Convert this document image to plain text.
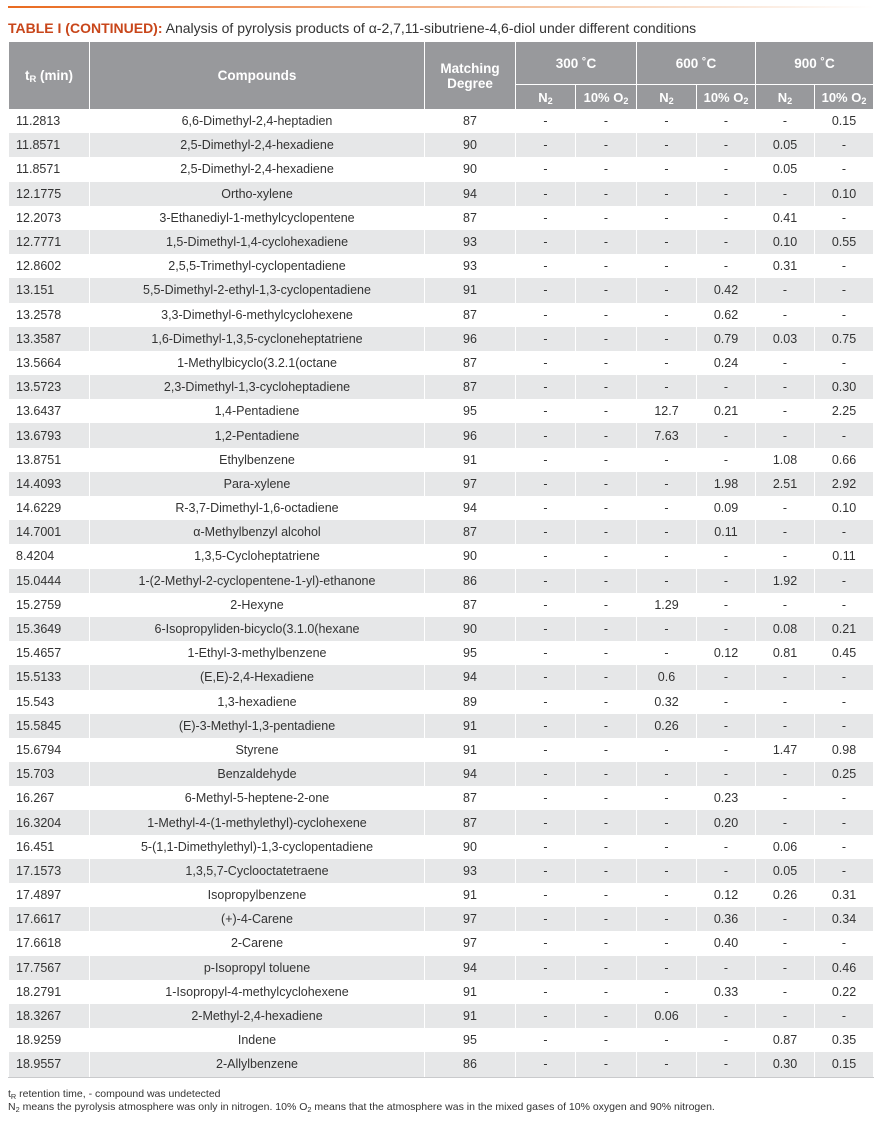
TABLE I (CONTINUED): Analysis of pyrolysis products of α-2,7,11-sibutriene-4,6-diol under different conditions
$t_R$ (min)	Compounds	Matching
Degree	300 ˚C		600 ˚C		900 ˚C	
			$N_2$	10% $O_2$	$N_2$	10% $O_2$	$N_2$	10% $O_2$
11.2813	6,6-Dimethyl-2,4-heptadien	87	-	-	-	-	-	0.15
11.8571	2,5-Dimethyl-2,4-hexadiene	90	-	-	-	-	0.05	-
11.8571	2,5-Dimethyl-2,4-hexadiene	90	-	-	-	-	0.05	-
12.1775	Ortho-xylene	94	-	-	-	-	-	0.10
12.2073	3-Ethanediyl-1-methylcyclopentene	87	-	-	-	-	0.41	-
12.7771	1,5-Dimethyl-1,4-cyclohexadiene	93	-	-	-	-	0.10	0.55
12.8602	2,5,5-Trimethyl-cyclopentadiene	93	-	-	-	-	0.31	-
13.151	5,5-Dimethyl-2-ethyl-1,3-cyclopentadiene	91	-	-	-	0.42	-	-
13.2578	3,3-Dimethyl-6-methylcyclohexene	87	-	-	-	0.62	-	-
13.3587	1,6-Dimethyl-1,3,5-cycloneheptatriene	96	-	-	-	0.79	0.03	0.75
13.5664	1-Methylbicyclo(3.2.1(octane	87	-	-	-	0.24	-	-
13.5723	2,3-Dimethyl-1,3-cycloheptadiene	87	-	-	-	-	-	0.30
13.6437	1,4-Pentadiene	95	-	-	12.7	0.21	-	2.25
13.6793	1,2-Pentadiene	96	-	-	7.63	-	-	-
13.8751	Ethylbenzene	91	-	-	-	-	1.08	0.66
14.4093	Para-xylene	97	-	-	-	1.98	2.51	2.92
14.6229	R-3,7-Dimethyl-1,6-octadiene	94	-	-	-	0.09	-	0.10
14.7001	α-Methylbenzyl alcohol	87	-	-	-	0.11	-	-
8.4204	1,3,5-Cycloheptatriene	90	-	-	-	-	-	0.11
15.0444	1-(2-Methyl-2-cyclopentene-1-yl)-ethanone	86	-	-	-	-	1.92	-
15.2759	2-Hexyne	87	-	-	1.29	-	-	-
15.3649	6-Isopropyliden-bicyclo(3.1.0(hexane	90	-	-	-	-	0.08	0.21
15.4657	1-Ethyl-3-methylbenzene	95	-	-	-	0.12	0.81	0.45
15.5133	(E,E)-2,4-Hexadiene	94	-	-	0.6	-	-	-
15.543	1,3-hexadiene	89	-	-	0.32	-	-	-
15.5845	(E)-3-Methyl-1,3-pentadiene	91	-	-	0.26	-	-	-
15.6794	Styrene	91	-	-	-	-	1.47	0.98
15.703	Benzaldehyde	94	-	-	-	-	-	0.25
16.267	6-Methyl-5-heptene-2-one	87	-	-	-	0.23	-	-
16.3204	1-Methyl-4-(1-methylethyl)-cyclohexene	87	-	-	-	0.20	-	-
16.451	5-(1,1-Dimethylethyl)-1,3-cyclopentadiene	90	-	-	-	-	0.06	-
17.1573	1,3,5,7-Cyclooctatetraene	93	-	-	-	-	0.05	-
17.4897	Isopropylbenzene	91	-	-	-	0.12	0.26	0.31
17.6617	(+)-4-Carene	97	-	-	-	0.36	-	0.34
17.6618	2-Carene	97	-	-	-	0.40	-	-
17.7567	p-Isopropyl toluene	94	-	-	-	-	-	0.46
18.2791	1-Isopropyl-4-methylcyclohexene	91	-	-	-	0.33	-	0.22
18.3267	2-Methyl-2,4-hexadiene	91	-	-	0.06	-	-	-
18.9259	Indene	95	-	-	-	-	0.87	0.35
18.9557	2-Allylbenzene	86	-	-	-	-	0.30	0.15
$t_R$ retention time, - compound was undetected
$N_2$ means the pyrolysis atmosphere was only in nitrogen. 10% $O_2$ means that the atmosphere was in the mixed gases of 10% oxygen and 90% nitrogen.
